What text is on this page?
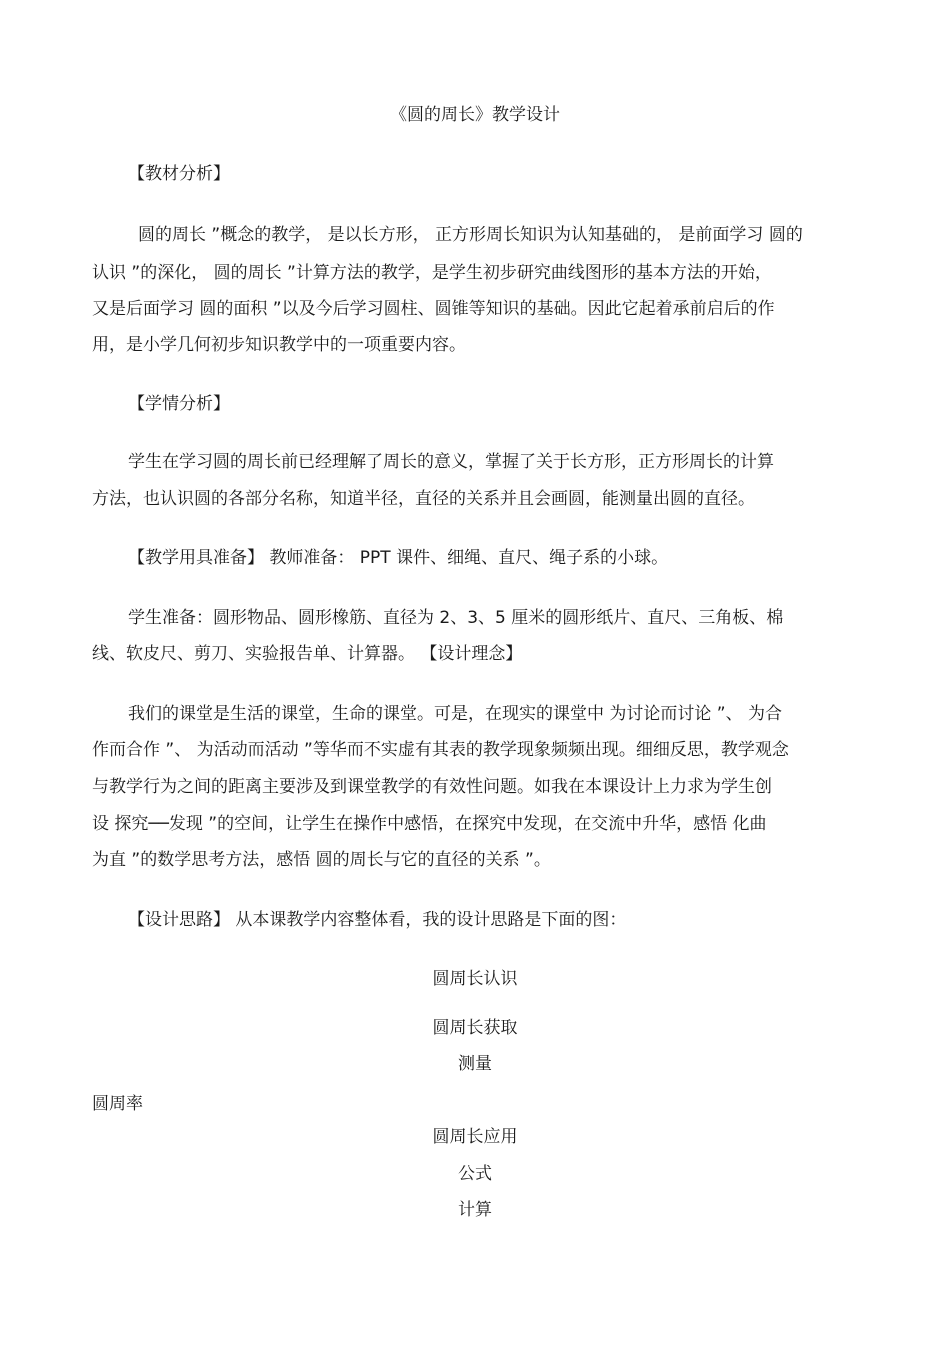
《圆的周长》教学设计
【教材分析】
圆的周长 ”概念的教学， 是以长方形， 正方形周长知识为认知基础的， 是前面学习 圆的
认识 ”的深化， 圆的周长 ”计算方法的教学，是学生初步研究曲线图形的基本方法的开始，
又是后面学习 圆的面积 ”以及今后学习圆柱、圆锥等知识的基础。因此它起着承前启后的作
用，是小学几何初步知识教学中的一项重要内容。
【学情分析】
学生在学习圆的周长前已经理解了周长的意义，掌握了关于长方形，正方形周长的计算
方法，也认识圆的各部分名称，知道半径，直径的关系并且会画圆，能测量出圆的直径。
【教学用具准备】 教师准备： PPT 课件、细绳、直尺、绳子系的小球。
学生准备：圆形物品、圆形橡筋、直径为 2、3、5 厘米的圆形纸片、直尺、三角板、棉
线、软皮尺、剪刀、实验报告单、计算器。 【设计理念】
我们的课堂是生活的课堂，生命的课堂。可是，在现实的课堂中 为讨论而讨论 ”、 为合
作而合作 ”、 为活动而活动 ”等华而不实虚有其表的教学现象频频出现。细细反思，教学观念
与教学行为之间的距离主要涉及到课堂教学的有效性问题。如我在本课设计上力求为学生创
设 探究──发现 ”的空间，让学生在操作中感悟，在探究中发现，在交流中升华，感悟 化曲
为直 ”的数学思考方法，感悟 圆的周长与它的直径的关系 ”。
【设计思路】 从本课教学内容整体看，我的设计思路是下面的图：
圆周长认识
圆周长获取
测量
圆周率
圆周长应用
公式
计算
